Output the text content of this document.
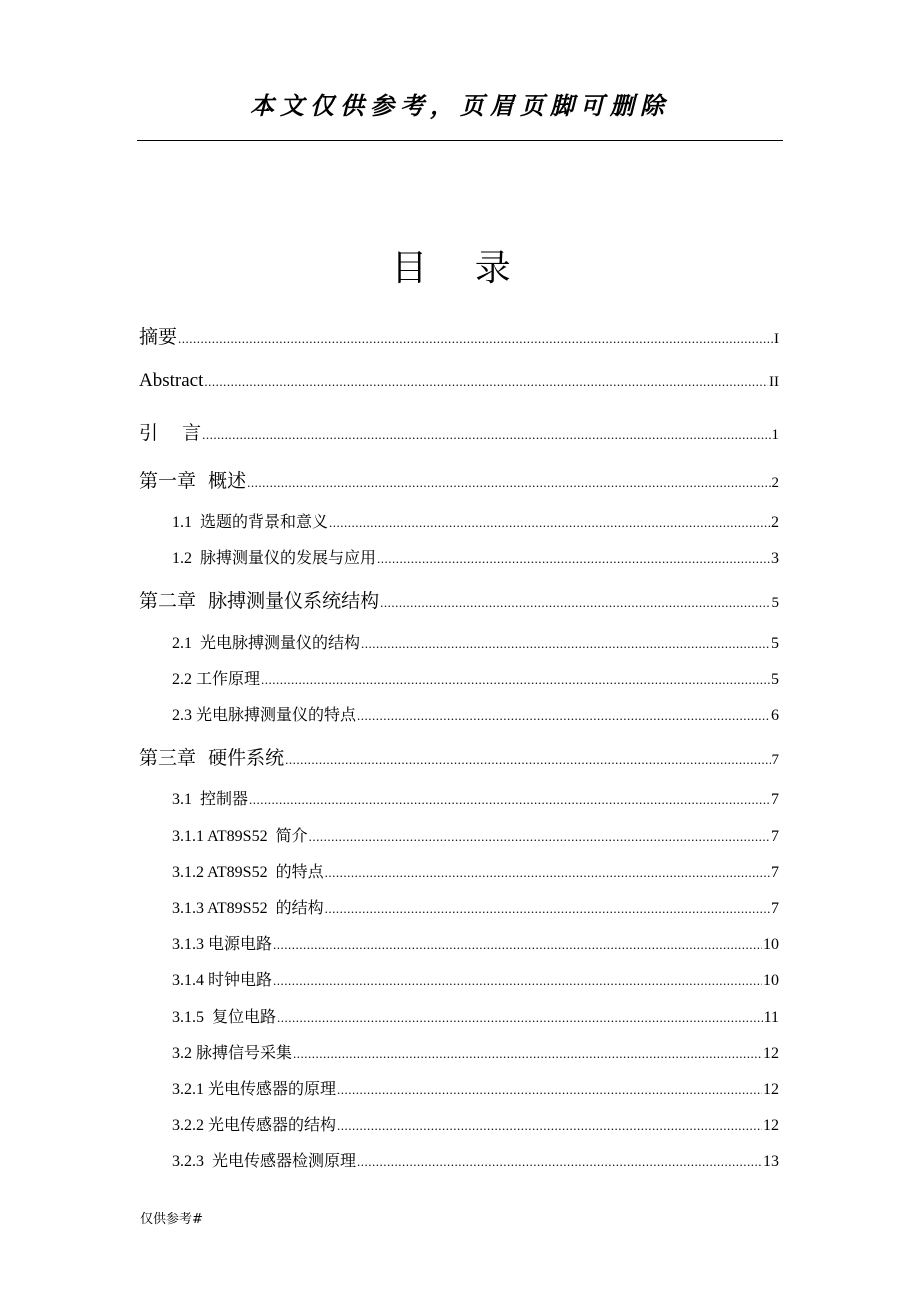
本文仅供参考，页眉页脚可删除
目 录
摘要 .....	I
Abstract .....	II
引    言 .....	1
第一章  概述 .....	2
1.1  选题的背景和意义 .....	2
1.2  脉搏测量仪的发展与应用 .....	3
第二章  脉搏测量仪系统结构 .....	5
2.1  光电脉搏测量仪的结构 .....	5
2.2 工作原理 .....	5
2.3 光电脉搏测量仪的特点 .....	6
第三章  硬件系统 .....	7
3.1  控制器 .....	7
3.1.1 AT89S52  简介 .....	7
3.1.2 AT89S52  的特点 .....	7
3.1.3 AT89S52  的结构 .....	7
3.1.3 电源电路 .....	10
3.1.4 时钟电路 .....	10
3.1.5  复位电路 .....	11
3.2 脉搏信号采集 .....	12
3.2.1 光电传感器的原理 .....	12
3.2.2 光电传感器的结构 .....	12
3.2.3  光电传感器检测原理 .....	13
仅供参考#
